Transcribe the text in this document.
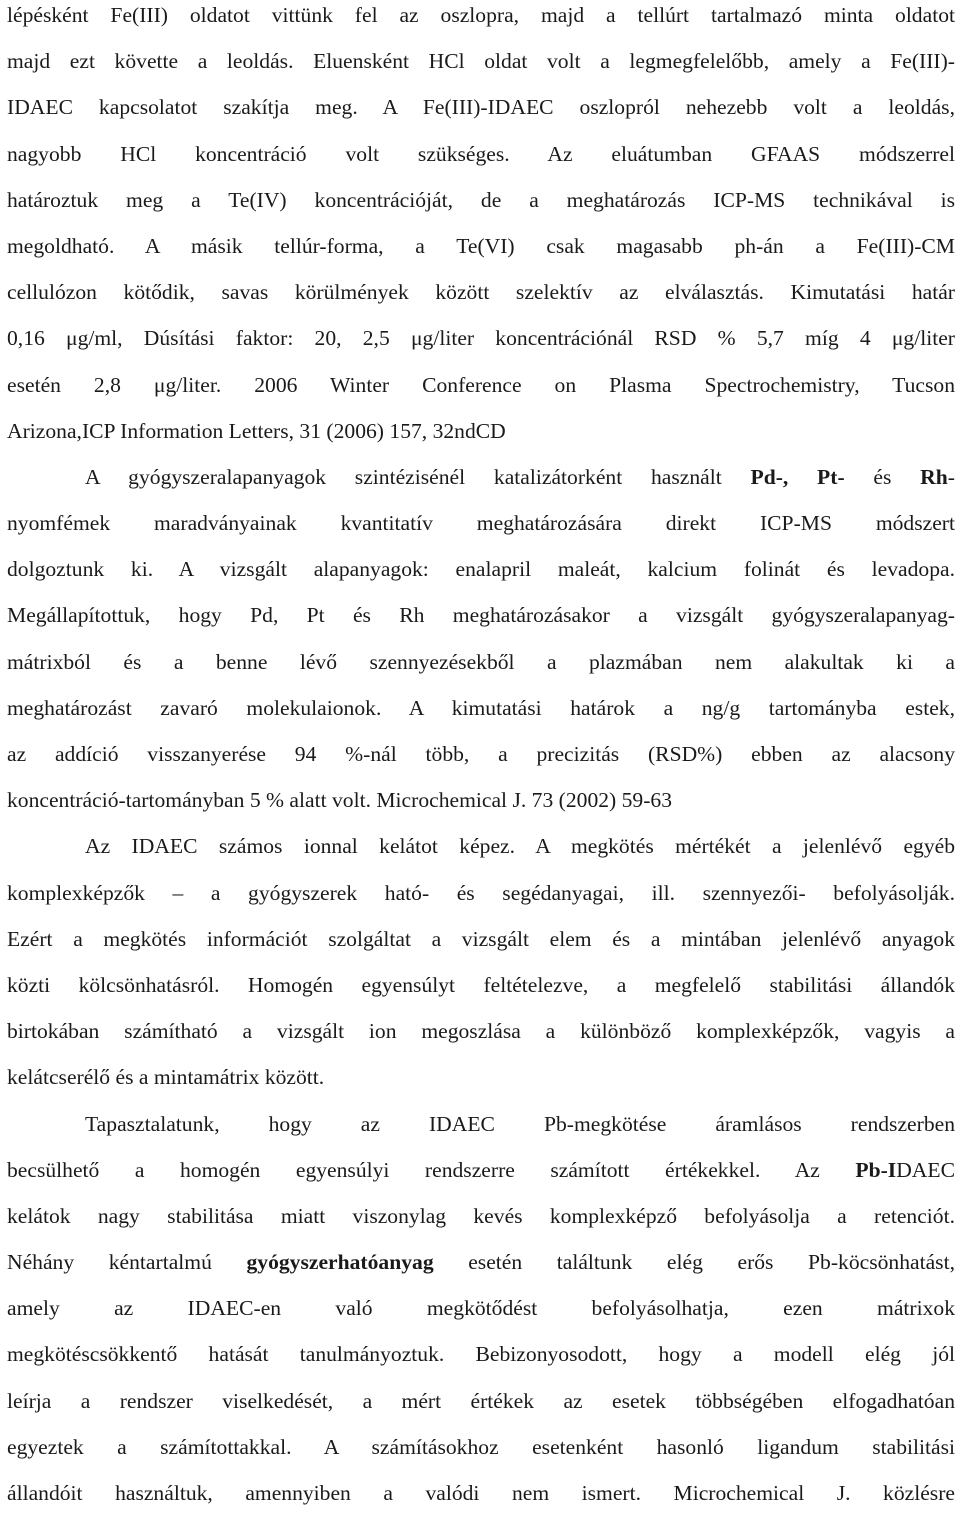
lépésként Fe(III) oldatot vittünk fel az oszlopra, majd a tellúrt tartalmazó minta oldatot
majd ezt követte a leoldás. Eluensként HCl oldat volt a legmegfelelőbb, amely a Fe(III)-
IDAEC kapcsolatot szakítja meg. A Fe(III)-IDAEC oszlopról nehezebb volt a leoldás,
nagyobb HCl koncentráció volt szükséges. Az eluátumban GFAAS módszerrel
határoztuk meg a Te(IV) koncentrációját, de a meghatározás ICP-MS technikával is
megoldható. A másik tellúr-forma, a Te(VI) csak magasabb ph-án a Fe(III)-CM
cellulózon kötődik, savas körülmények között szelektív az elválasztás. Kimutatási határ
0,16 μg/ml, Dúsítási faktor: 20, 2,5 μg/liter koncentrációnál RSD % 5,7 míg 4 μg/liter
esetén 2,8 μg/liter. 2006 Winter Conference on Plasma Spectrochemistry, Tucson
Arizona,ICP Information Letters, 31 (2006) 157, 32ndCD
A gyógyszeralapanyagok szintézisénél katalizátorként használt Pd-, Pt- és Rh-
nyomfémek maradványainak kvantitatív meghatározására direkt ICP-MS módszert
dolgoztunk ki. A vizsgált alapanyagok: enalapril maleát, kalcium folinát és levadopa.
Megállapítottuk, hogy Pd, Pt és Rh meghatározásakor a vizsgált gyógyszeralapanyag-
mátrixból és a benne lévő szennyezésekből a plazmában nem alakultak ki a
meghatározást zavaró molekulaionok. A kimutatási határok a ng/g tartományba estek,
az addíció visszanyerése 94 %-nál több, a precizitás (RSD%) ebben az alacsony
koncentráció-tartományban 5 % alatt volt. Microchemical J. 73 (2002) 59-63
Az IDAEC számos ionnal kelátot képez. A megkötés mértékét a jelenlévő egyéb
komplexképzők – a gyógyszerek ható- és segédanyagai, ill. szennyezői- befolyásolják.
Ezért a megkötés információt szolgáltat a vizsgált elem és a mintában jelenlévő anyagok
közti kölcsönhatásról. Homogén egyensúlyt feltételezve, a megfelelő stabilitási állandók
birtokában számítható a vizsgált ion megoszlása a különböző komplexképzők, vagyis a
kelátcserélő és a mintamátrix között.
Tapasztalatunk, hogy az IDAEC Pb-megkötése áramlásos rendszerben
becsülhető a homogén egyensúlyi rendszerre számított értékekkel. Az Pb-IDAEC
kelátok nagy stabilitása miatt viszonylag kevés komplexképző befolyásolja a retenciót.
Néhány kéntartalmú gyógyszerhatóanyag esetén találtunk elég erős Pb-köcsönhatást,
amely az IDAEC-en való megkötődést befolyásolhatja, ezen mátrixok
megkötéscsökkentő hatását tanulmányoztuk. Bebizonyosodott, hogy a modell elég jól
leírja a rendszer viselkedését, a mért értékek az esetek többségében elfogadhatóan
egyeztek a számítottakkal. A számításokhoz esetenként hasonló ligandum stabilitási
állandóit használtuk, amennyiben a valódi nem ismert. Microchemical J. közlésre
